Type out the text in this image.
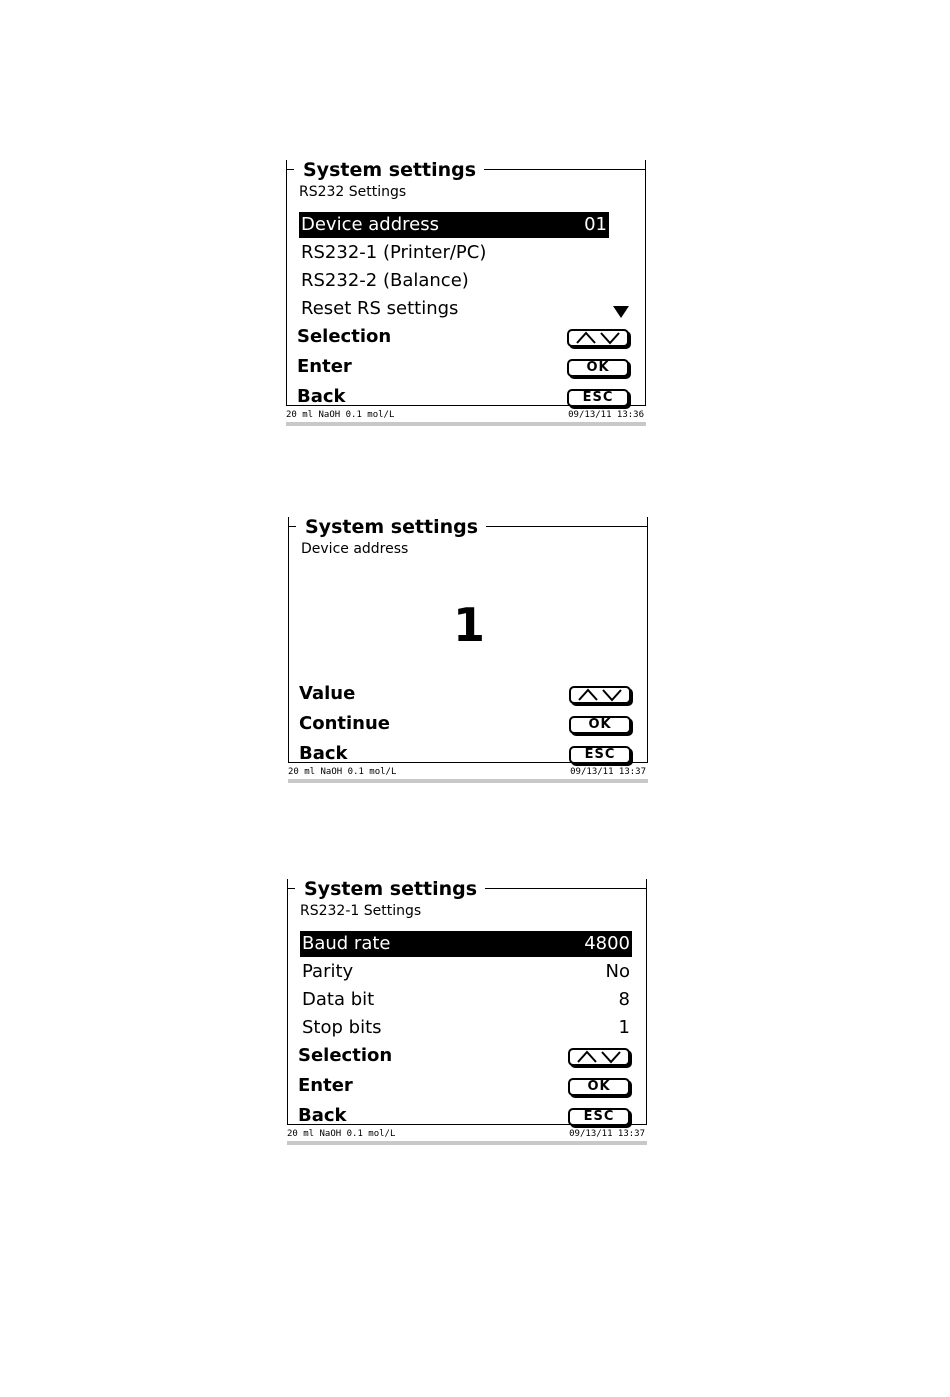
System settings
RS232 Settings
Device address	01
RS232-1 (Printer/PC)
RS232-2 (Balance)
Reset RS settings
Selection
Enter	OK
Back	ESC
20 ml NaOH 0.1 mol/L	09/13/11 13:36
System settings
Device address
1
Value
Continue	OK
Back	ESC
20 ml NaOH 0.1 mol/L	09/13/11 13:37
System settings
RS232-1 Settings
Baud rate	4800
Parity	No
Data bit	8
Stop bits	1
Selection
Enter	OK
Back	ESC
20 ml NaOH 0.1 mol/L	09/13/11 13:37
